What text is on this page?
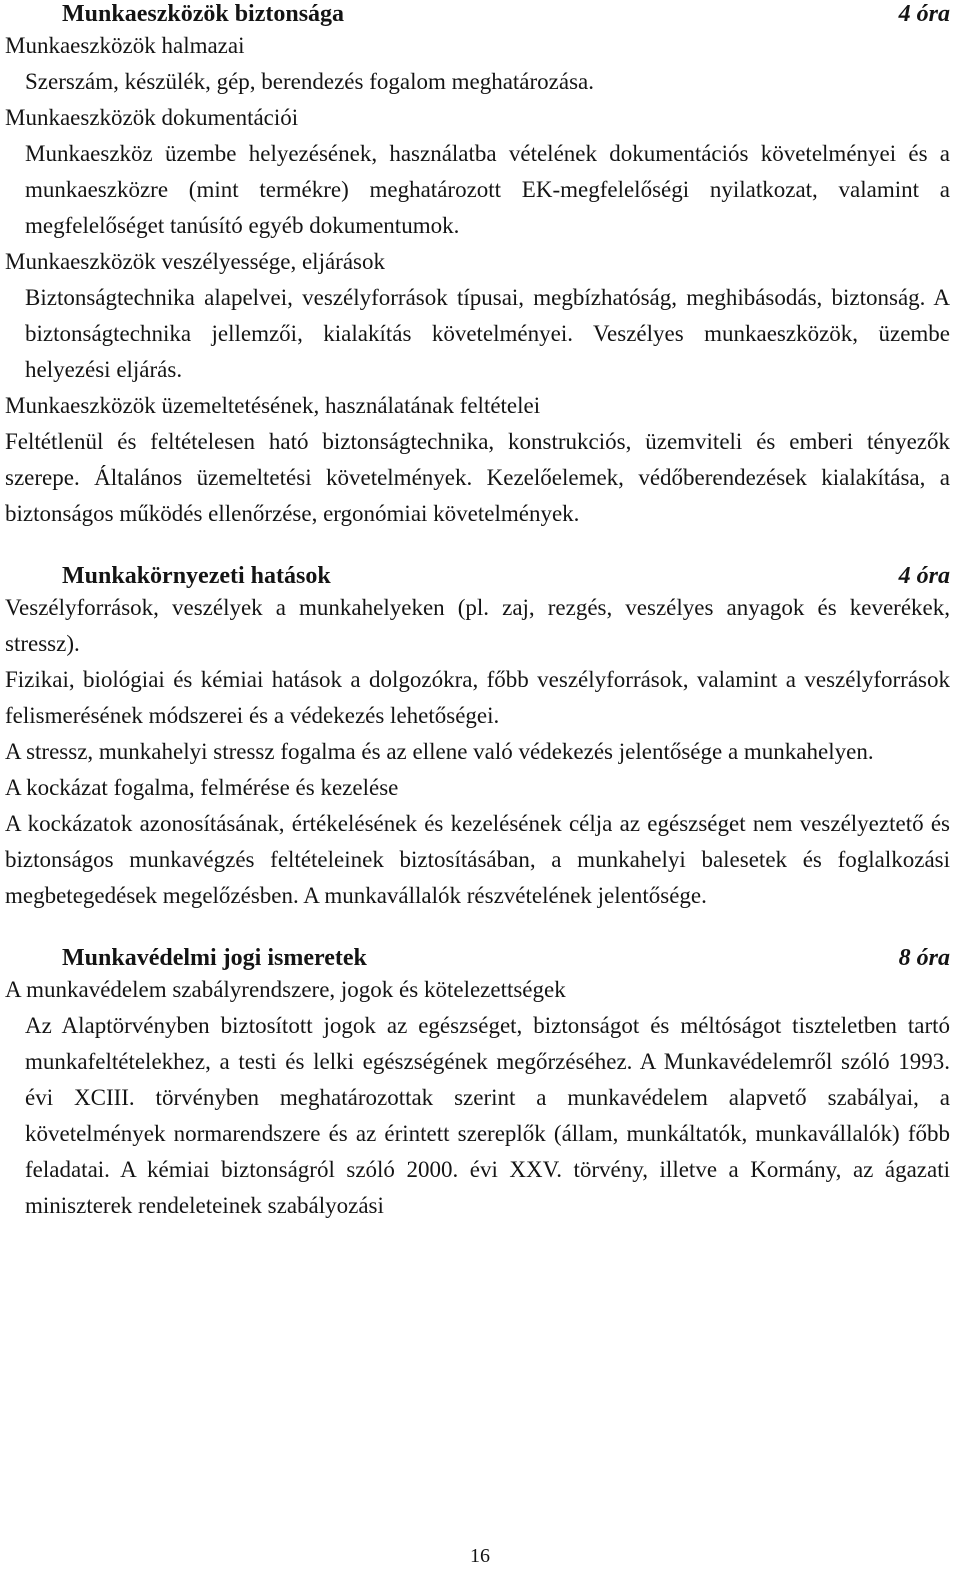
Munkaeszközök biztonsága	4 óra

Munkaeszközök halmazai

Szerszám, készülék, gép, berendezés fogalom meghatározása.

Munkaeszközök dokumentációi

Munkaeszköz üzembe helyezésének, használatba vételének dokumentációs követelményei és a munkaeszközre (mint termékre) meghatározott EK-megfelelőségi nyilatkozat, valamint a megfelelőséget tanúsító egyéb dokumentumok.

Munkaeszközök veszélyessége, eljárások

Biztonságtechnika alapelvei, veszélyforrások típusai, megbízhatóság, meghibásodás, biztonság. A biztonságtechnika jellemzői, kialakítás követelményei. Veszélyes munkaeszközök, üzembe helyezési eljárás.

Munkaeszközök üzemeltetésének, használatának feltételei

Feltétlenül és feltételesen ható biztonságtechnika, konstrukciós, üzemviteli és emberi tényezők szerepe. Általános üzemeltetési követelmények. Kezelőelemek, védőberendezések kialakítása, a biztonságos működés ellenőrzése, ergonómiai követelmények.

Munkakörnyezeti hatások	4 óra

Veszélyforrások, veszélyek a munkahelyeken (pl. zaj, rezgés, veszélyes anyagok és keverékek, stressz).

Fizikai, biológiai és kémiai hatások a dolgozókra, főbb veszélyforrások, valamint a veszélyforrások felismerésének módszerei és a védekezés lehetőségei.

A stressz, munkahelyi stressz fogalma és az ellene való védekezés jelentősége a munkahelyen.

A kockázat fogalma, felmérése és kezelése

A kockázatok azonosításának, értékelésének és kezelésének célja az egészséget nem veszélyeztető és biztonságos munkavégzés feltételeinek biztosításában, a munkahelyi balesetek és foglalkozási megbetegedések megelőzésben. A munkavállalók részvételének jelentősége.

Munkavédelmi jogi ismeretek	8 óra

A munkavédelem szabályrendszere, jogok és kötelezettségek

Az Alaptörvényben biztosított jogok az egészséget, biztonságot és méltóságot tiszteletben tartó munkafeltételekhez, a testi és lelki egészségének megőrzéséhez. A Munkavédelemről szóló 1993. évi XCIII. törvényben meghatározottak szerint a munkavédelem alapvető szabályai, a követelmények normarendszere és az érintett szereplők (állam, munkáltatók, munkavállalók) főbb feladatai. A kémiai biztonságról szóló 2000. évi XXV. törvény, illetve a Kormány, az ágazati miniszterek rendeleteinek szabályozási

16
